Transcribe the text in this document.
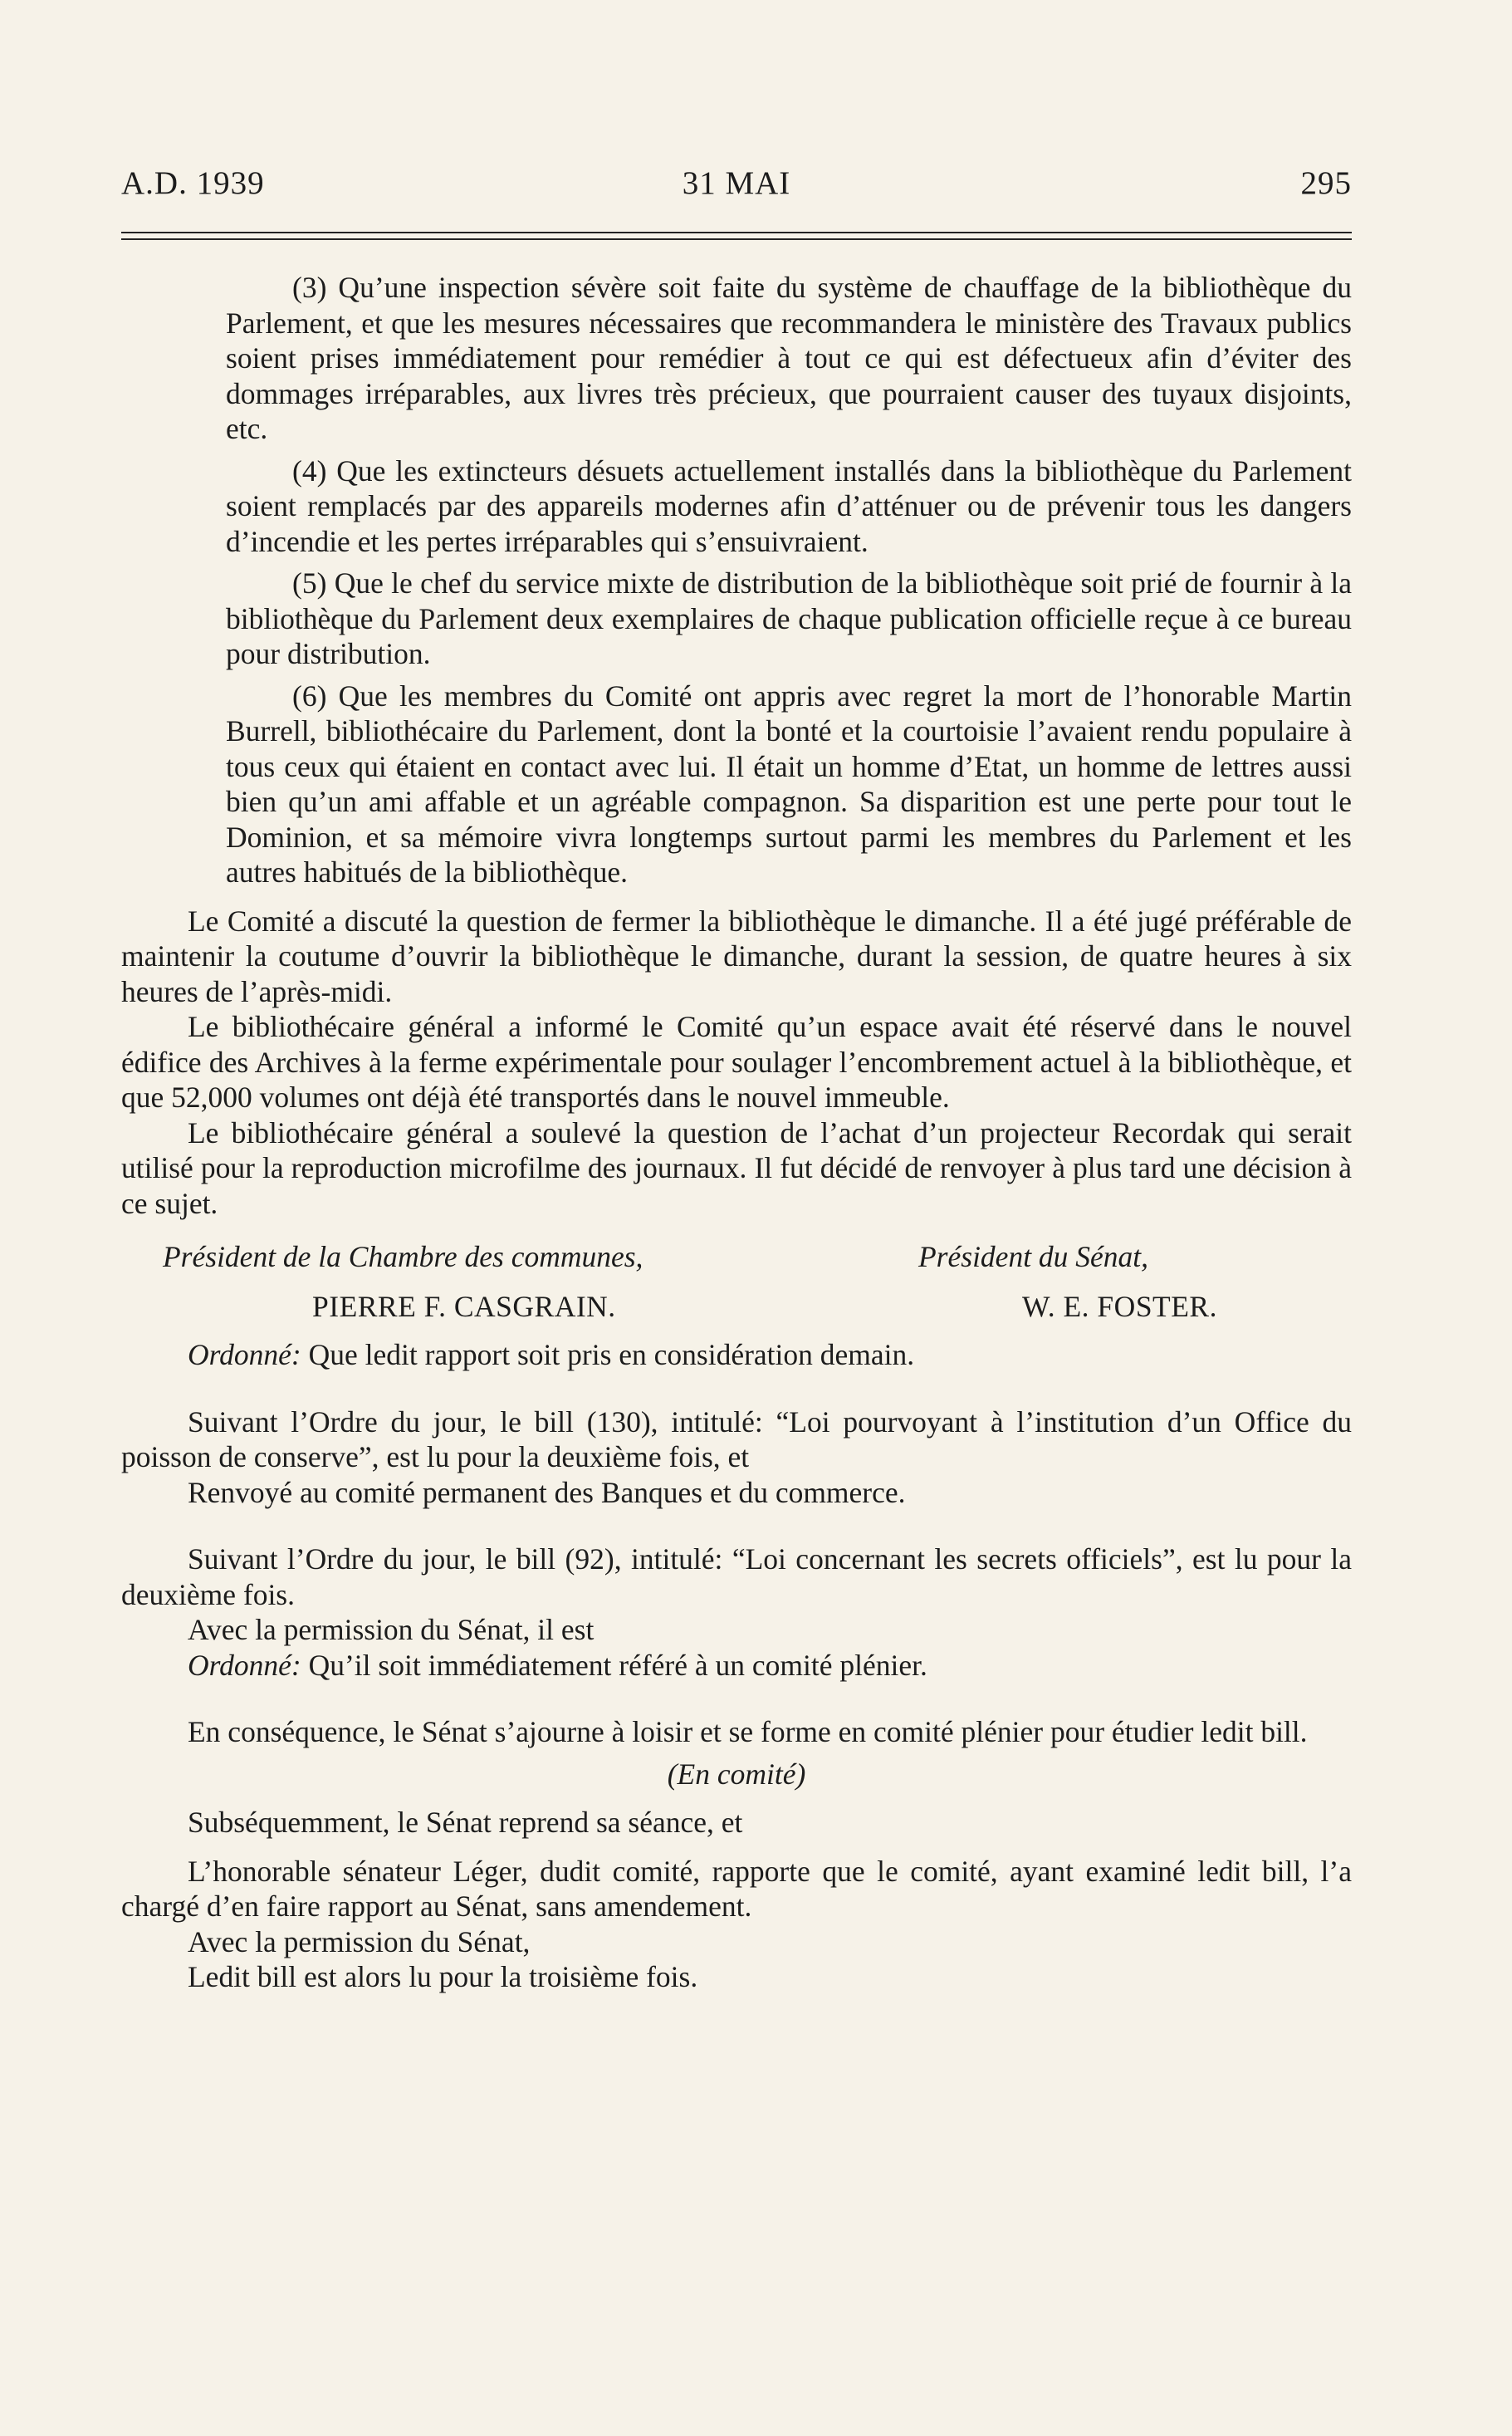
A.D. 1939	31 MAI	295

(3) Qu’une inspection sévère soit faite du système de chauffage de la bibliothèque du Parlement, et que les mesures nécessaires que recommandera le ministère des Travaux publics soient prises immédiatement pour remédier à tout ce qui est défectueux afin d’éviter des dommages irréparables, aux livres très précieux, que pourraient causer des tuyaux disjoints, etc.

(4) Que les extincteurs désuets actuellement installés dans la bibliothèque du Parlement soient remplacés par des appareils modernes afin d’atténuer ou de prévenir tous les dangers d’incendie et les pertes irréparables qui s’ensuivraient.

(5) Que le chef du service mixte de distribution de la bibliothèque soit prié de fournir à la bibliothèque du Parlement deux exemplaires de chaque publication officielle reçue à ce bureau pour distribution.

(6) Que les membres du Comité ont appris avec regret la mort de l’honorable Martin Burrell, bibliothécaire du Parlement, dont la bonté et la courtoisie l’avaient rendu populaire à tous ceux qui étaient en contact avec lui. Il était un homme d’Etat, un homme de lettres aussi bien qu’un ami affable et un agréable compagnon. Sa disparition est une perte pour tout le Dominion, et sa mémoire vivra longtemps surtout parmi les membres du Parlement et les autres habitués de la bibliothèque.

Le Comité a discuté la question de fermer la bibliothèque le dimanche. Il a été jugé préférable de maintenir la coutume d’ouvrir la bibliothèque le dimanche, durant la session, de quatre heures à six heures de l’après-midi.

Le bibliothécaire général a informé le Comité qu’un espace avait été réservé dans le nouvel édifice des Archives à la ferme expérimentale pour soulager l’encombrement actuel à la bibliothèque, et que 52,000 volumes ont déjà été transportés dans le nouvel immeuble.

Le bibliothécaire général a soulevé la question de l’achat d’un projecteur Recordak qui serait utilisé pour la reproduction microfilme des journaux. Il fut décidé de renvoyer à plus tard une décision à ce sujet.

Président de la Chambre des communes,	Président du Sénat,
PIERRE F. CASGRAIN.	W. E. FOSTER.

Ordonné: Que ledit rapport soit pris en considération demain.

Suivant l’Ordre du jour, le bill (130), intitulé: “Loi pourvoyant à l’institution d’un Office du poisson de conserve”, est lu pour la deuxième fois, et

Renvoyé au comité permanent des Banques et du commerce.

Suivant l’Ordre du jour, le bill (92), intitulé: “Loi concernant les secrets officiels”, est lu pour la deuxième fois.

Avec la permission du Sénat, il est

Ordonné: Qu’il soit immédiatement référé à un comité plénier.

En conséquence, le Sénat s’ajourne à loisir et se forme en comité plénier pour étudier ledit bill.

(En comité)

Subséquemment, le Sénat reprend sa séance, et

L’honorable sénateur Léger, dudit comité, rapporte que le comité, ayant examiné ledit bill, l’a chargé d’en faire rapport au Sénat, sans amendement.

Avec la permission du Sénat,

Ledit bill est alors lu pour la troisième fois.
